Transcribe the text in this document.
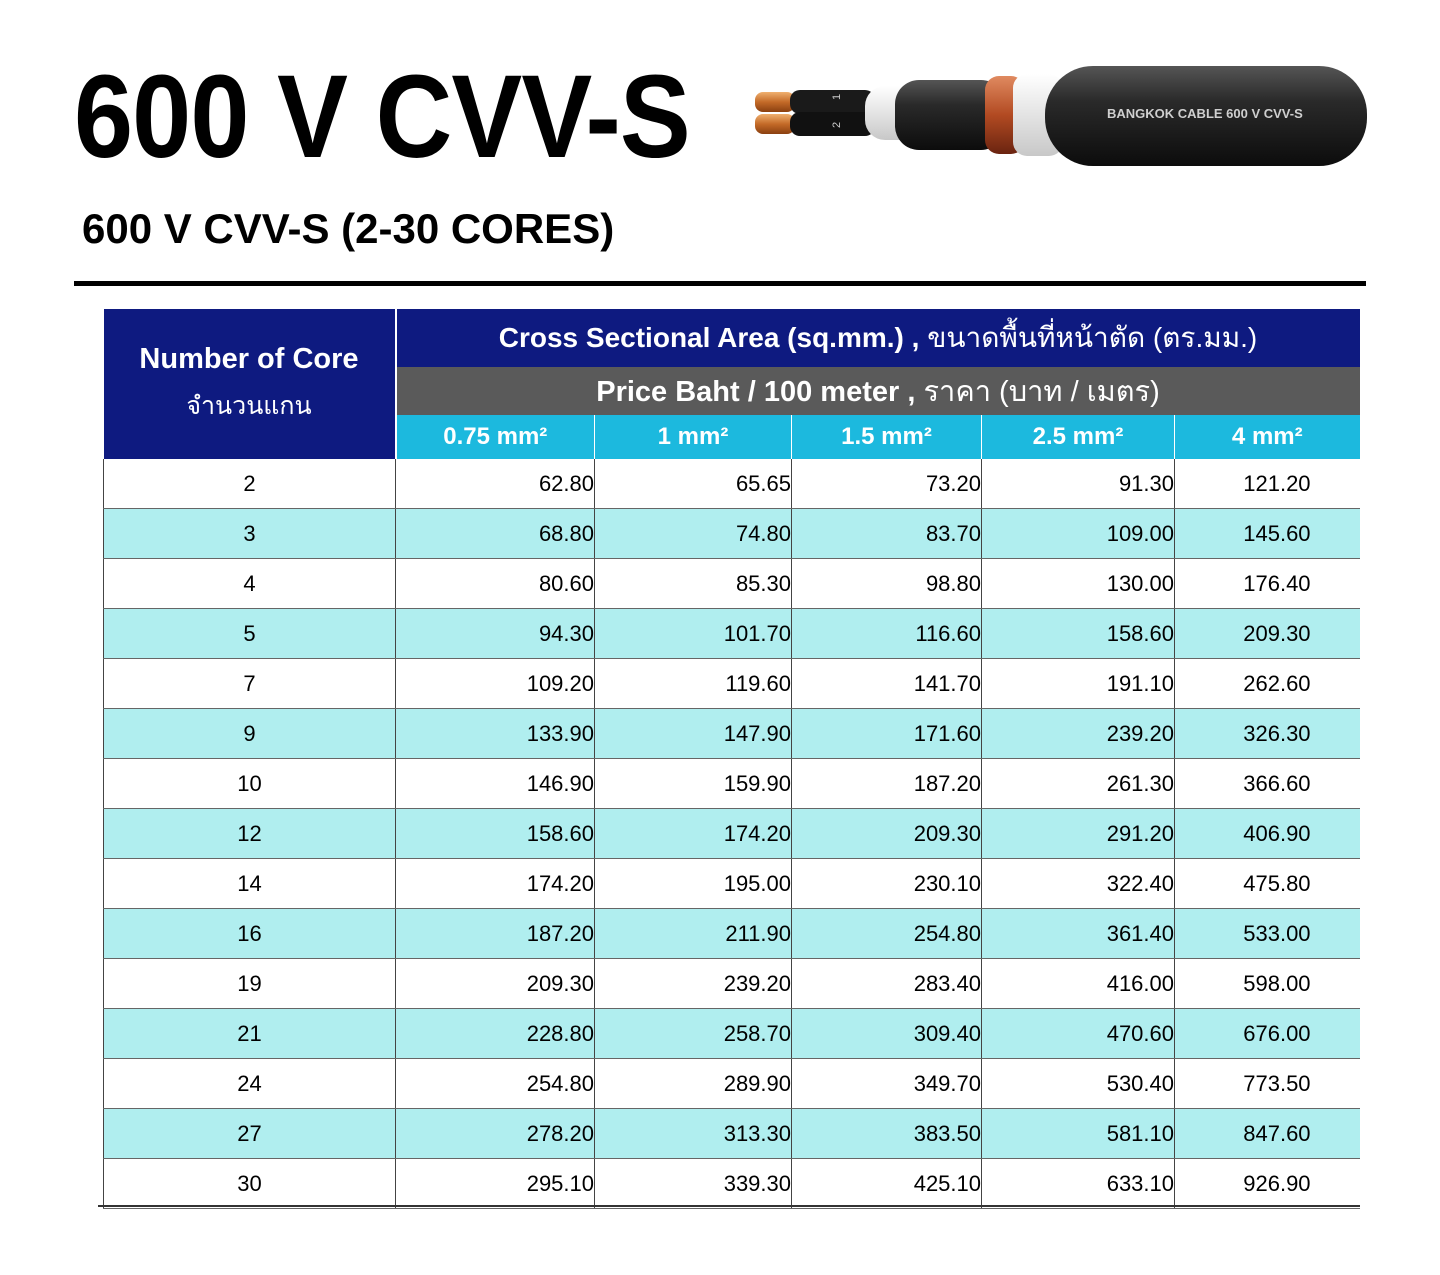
600 V CVV-S	1
2
BANGKOK CABLE 600 V CVV-S
600 V CVV-S (2-30 CORES)
Number of Core
จำนวนแกน	Cross Sectional Area (sq.mm.) , ขนาดพื้นที่หน้าตัด (ตร.มม.)				
	Price Baht / 100 meter , ราคา (บาท / เมตร)				
	0.75 mm²	1 mm²	1.5 mm²	2.5 mm²	4 mm²
2	62.80	65.65	73.20	91.30	121.20
3	68.80	74.80	83.70	109.00	145.60
4	80.60	85.30	98.80	130.00	176.40
5	94.30	101.70	116.60	158.60	209.30
7	109.20	119.60	141.70	191.10	262.60
9	133.90	147.90	171.60	239.20	326.30
10	146.90	159.90	187.20	261.30	366.60
12	158.60	174.20	209.30	291.20	406.90
14	174.20	195.00	230.10	322.40	475.80
16	187.20	211.90	254.80	361.40	533.00
19	209.30	239.20	283.40	416.00	598.00
21	228.80	258.70	309.40	470.60	676.00
24	254.80	289.90	349.70	530.40	773.50
27	278.20	313.30	383.50	581.10	847.60
30	295.10	339.30	425.10	633.10	926.90
